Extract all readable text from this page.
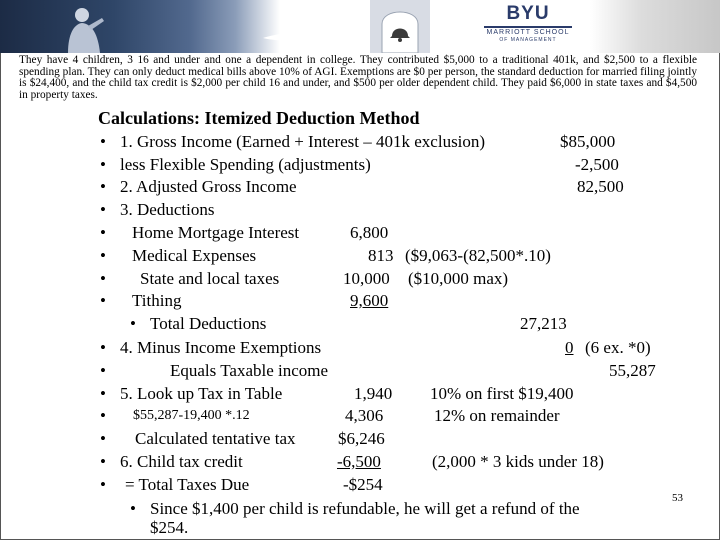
BYU
MARRIOTT SCHOOL
OF MANAGEMENT

They have 4 children, 3 16 and under and one a dependent in college. They contributed $5,000 to a traditional 401k, and $2,500 to a flexible spending plan. They can only deduct medical bills above 10% of AGI. Exemptions are $0 per person, the standard deduction for married filing jointly is $24,400, and the child tax credit is $2,000 per child 16 and under, and $500 per older dependent child. They paid $6,000 in state taxes and $4,500 in property taxes.

Calculations: Itemized Deduction Method

• 1. Gross Income (Earned + Interest – 401k exclusion)	$85,000
• less Flexible Spending (adjustments)	-2,500
• 2. Adjusted Gross Income	82,500
• 3. Deductions
• Home Mortgage Interest	6,800
• Medical Expenses	813 ($9,063-(82,500*.10)
• State and local taxes	10,000 ($10,000 max)
• Tithing	9,600
• Total Deductions	27,213
• 4. Minus Income Exemptions	0 (6 ex. *0)
•	Equals Taxable income	55,287
• 5. Look up Tax in Table	1,940 10% on first $19,400
• $55,287-19,400 *.12	4,306	12% on remainder
• Calculated tentative tax	$6,246
• 6. Child tax credit	-6,500	(2,000 * 3 kids under 18)
• = Total Taxes Due	-$254
• Since $1,400 per child is refundable, he will get a refund of the
$254.
53
